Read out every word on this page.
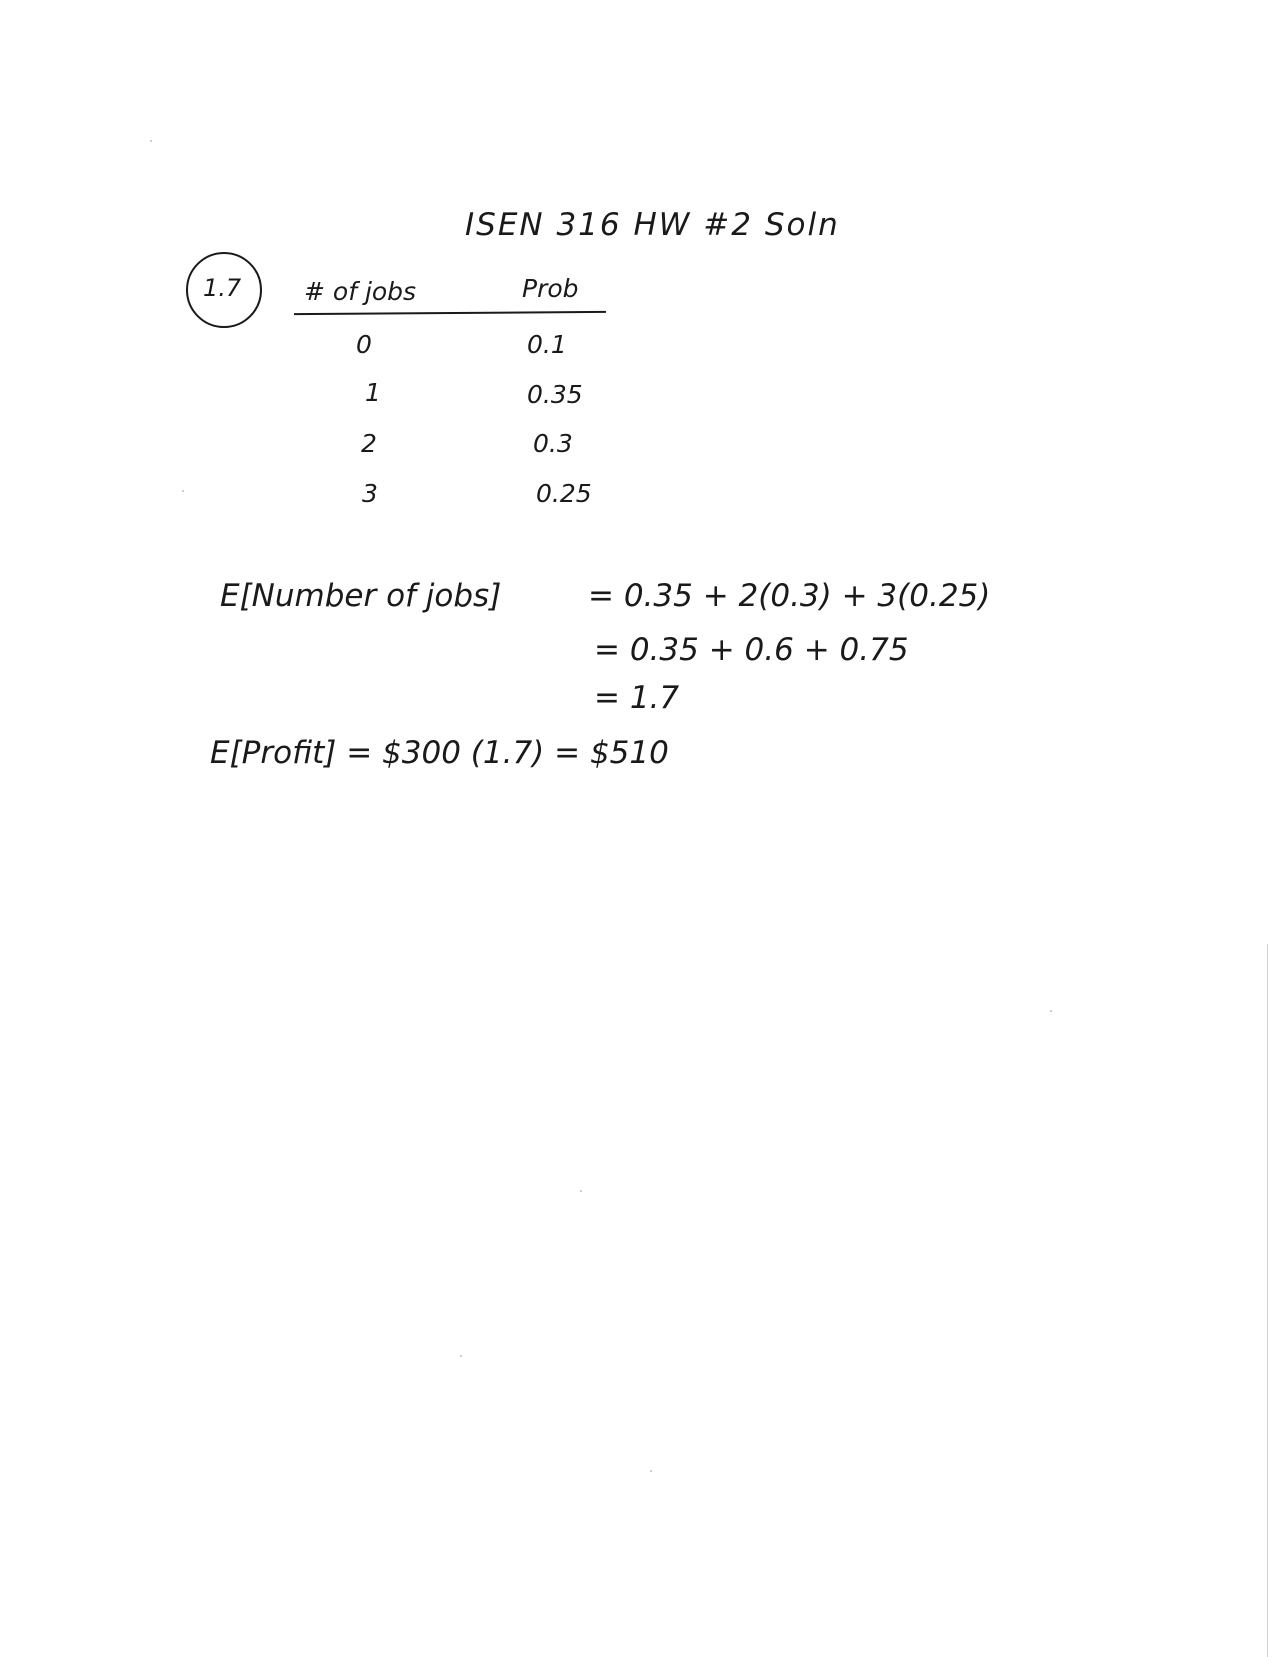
ISEN 316 HW #2 Soln
1.7	# of jobs	Prob
0	0.1
1	0.35
2	0.3
3	0.25
E[Number of jobs]	= 0.35 + 2(0.3) + 3(0.25)
= 0.35 + 0.6 + 0.75
= 1.7
E[Profit] = $300 (1.7) = $510
